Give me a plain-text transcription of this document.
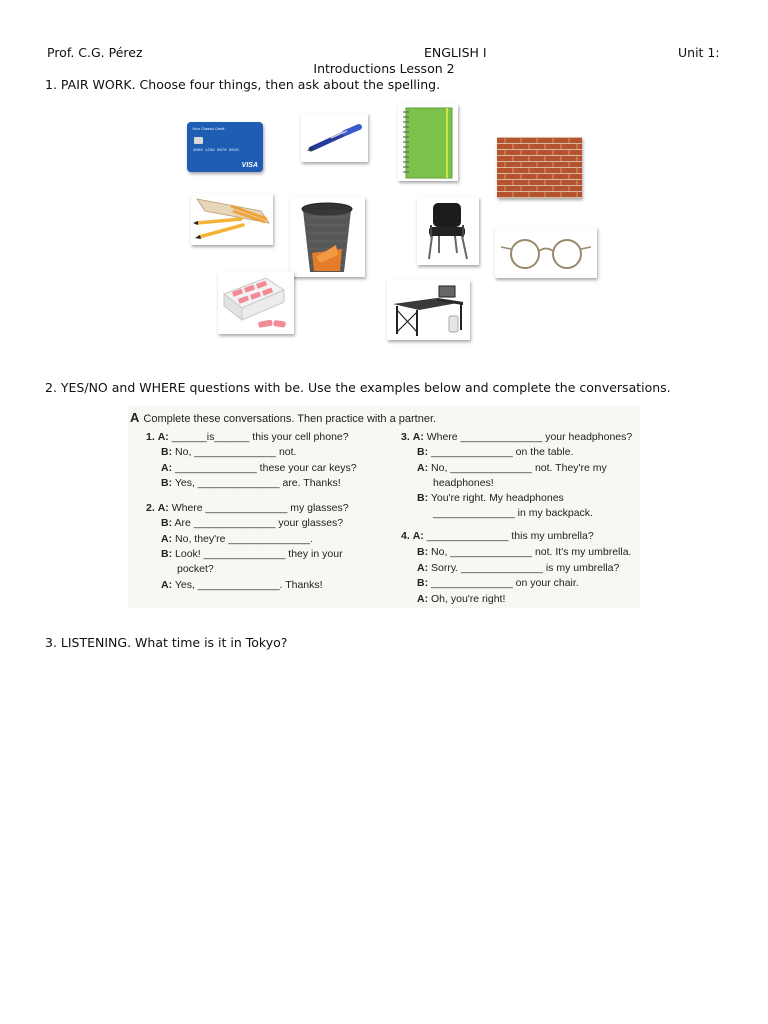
Prof. C.G. Pérez	ENGLISH I	Unit 1:
Introductions Lesson 2
1. PAIR WORK. Choose four things, then ask about the spelling.
Your Classic Debit
4000 1234 5678 9010
VISA
2. YES/NO and WHERE questions with be. Use the examples below and complete the conversations.
A Complete these conversations. Then practice with a partner.
1. A: ______is______ this your cell phone?
B: No, ______________ not.
A: ______________ these your car keys?
B: Yes, ______________ are. Thanks!
2. A: Where ______________ my glasses?
B: Are ______________ your glasses?
A: No, they're ______________.
B: Look! ______________ they in your
pocket?
A: Yes, ______________. Thanks!
3. A: Where ______________ your headphones?
B: ______________ on the table.
A: No, ______________ not. They're my
headphones!
B: You're right. My headphones
______________ in my backpack.
4. A: ______________ this my umbrella?
B: No, ______________ not. It's my umbrella.
A: Sorry. ______________ is my umbrella?
B: ______________ on your chair.
A: Oh, you're right!
3. LISTENING. What time is it in Tokyo?
